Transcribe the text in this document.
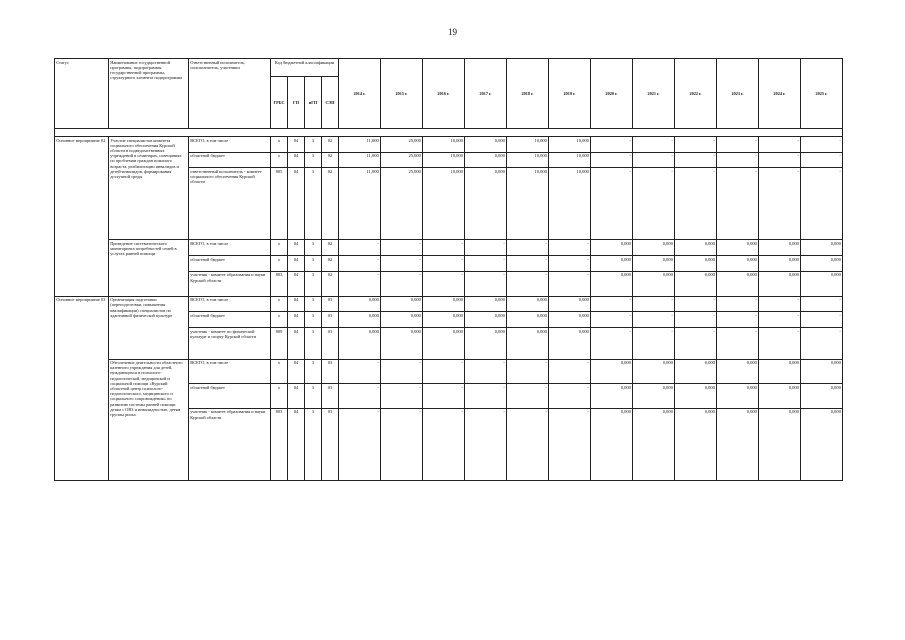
19
Статус	Наименование государственной программы, подпрограммы государственной программы, структурного элемента подпрограммы	Ответственный исполнитель, соисполнитель, участники	Код бюджетной классификации				2014 г.	2015 г.	2016 г.	2017 г.	2018 г.	2019 г.	2020 г.	2021 г.	2022 г.	2023 г.	2024 г.	2025 г.
			ГРБС	ГП	пГП	СЭП												

Основное мероприятие 02	Участие специалистов комитета социального обеспечения Курской области в подведомственных учреждений в семинарах, совещаниях по проблемам граждан пожилого возраста, реабилитации инвалидов и детей-инвалидов, формирования доступной среды	ВСЕГО, в том числе	х	04	3	02	11,000	25,000	10,000	0,000	10,000	10,000	-	-	-	-	-	-
		областной бюджет	х	04	3	02	11,000	25,000	10,000	0,000	10,000	10,000	-	-	-	-	-	-
		ответственный исполнитель - комитет социального обеспечения Курской области	805	04	3	02	11,000	25,000	10,000	0,000	10,000	10,000	-	-	-	-	-	-
	Проведение систематического мониторинга потребностей семей в услугах ранней помощи	ВСЕГО, в том числе	х	04	3	02	-	-	-	-	-	-	0,000	0,000	0,000	0,000	0,000	0,000
		областной бюджет	х	04	3	02	-	-	-	-	-	-	0,000	0,000	0,000	0,000	0,000	0,000
		участник - комитет образования и науки Курской области	803	04	3	02	-	-	-	-	-	-	0,000	0,000	0,000	0,000	0,000	0,000
Основное мероприятие 03	Организация подготовки (переподготовки, повышения квалификации) специалистов по адаптивной физической культуре	ВСЕГО, в том числе	х	04	3	03	0,000	0,000	0,000	0,000	0,000	0,000	-	-	-	-	-	-
		областной бюджет	х	04	3	03	0,000	0,000	0,000	0,000	0,000	0,000	-	-	-	-	-	-
		участник - комитет по физической культуре и спорту Курской области	809	04	3	03	0,000	0,000	0,000	0,000	0,000	0,000	-	-	-	-	-	-
	Обеспечение деятельности областного казенного учреждения для детей, нуждающихся в психолого-педагогической, медицинской и социальной помощи «Курский областной центр психолого-педагогического, медицинского и социального сопровождения» по развитию системы ранней помощи детям с ОВЗ и инвалидностью, детям группы риска	ВСЕГО, в том числе	х	04	3	03	-	-	-	-	-	-	0,000	0,000	0,000	0,000	0,000	0,000
		областной бюджет	х	04	3	03	-	-	-	-	-	-	0,000	0,000	0,000	0,000	0,000	0,000
		участник - комитет образования и науки Курской области	803	04	3	03	-	-	-	-	-	-	0,000	0,000	0,000	0,000	0,000	0,000
